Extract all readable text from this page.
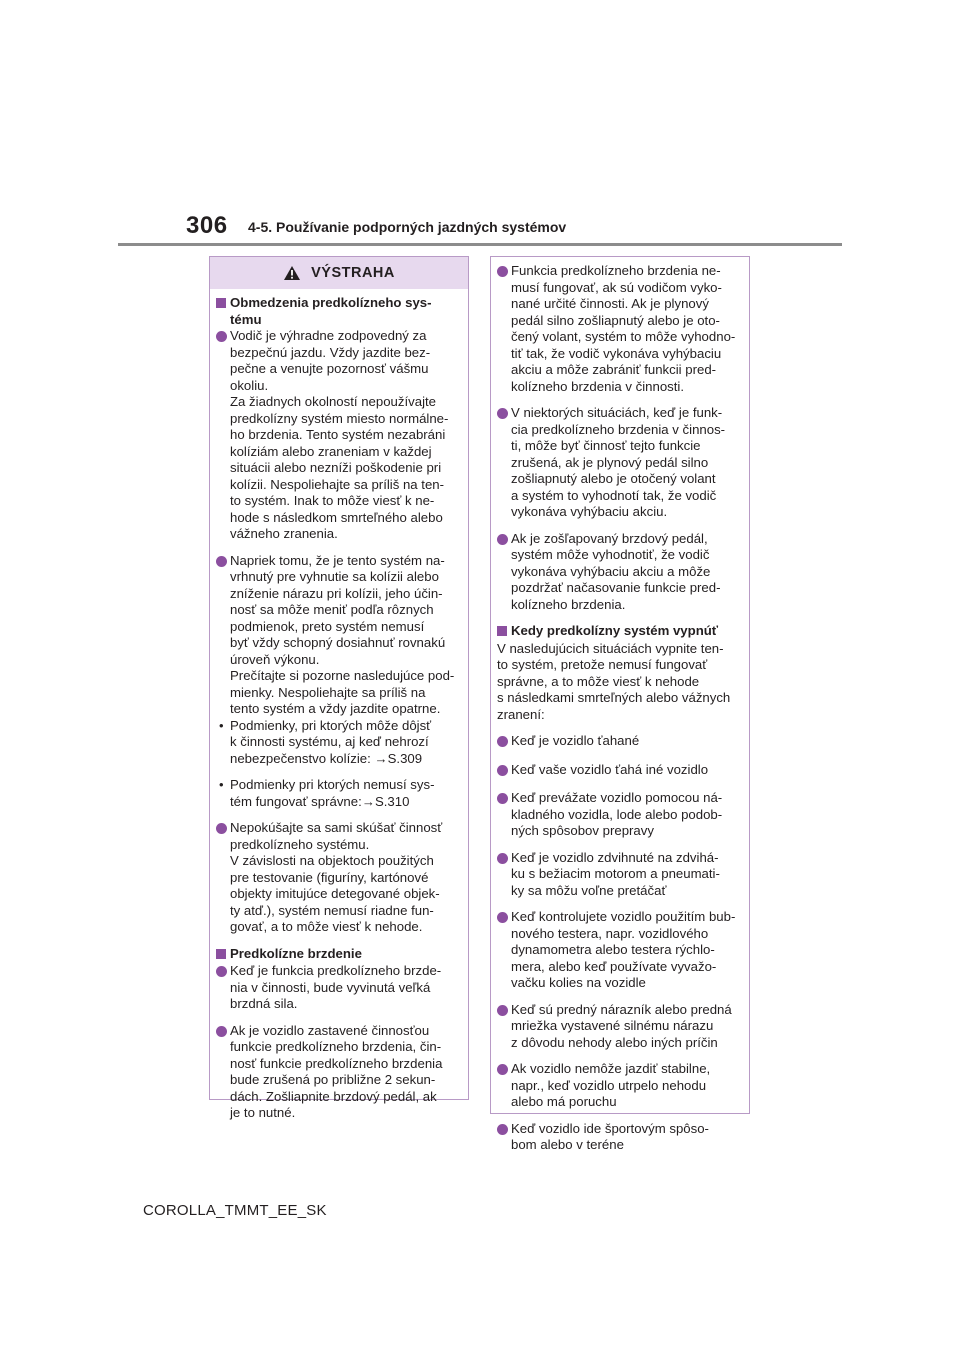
306 4-5. Používanie podporných jazdných systémov
VÝSTRAHA
Obmedzenia predkolízneho sys-
tému
Vodič je výhradne zodpovedný za
bezpečnú jazdu. Vždy jazdite bez-
pečne a venujte pozornosť vášmu
okoliu.
Za žiadnych okolností nepoužívajte
predkolízny systém miesto normálne-
ho brzdenia. Tento systém nezabráni
kolíziám alebo zraneniam v každej
situácii alebo nezníži poškodenie pri
kolízii. Nespoliehajte sa príliš na ten-
to systém. Inak to môže viesť k ne-
hode s následkom smrteľného alebo
vážneho zranenia.
Napriek tomu, že je tento systém na-
vrhnutý pre vyhnutie sa kolízii alebo
zníženie nárazu pri kolízii, jeho účin-
nosť sa môže meniť podľa rôznych
podmienok, preto systém nemusí
byť vždy schopný dosiahnuť rovnakú
úroveň výkonu.
Prečítajte si pozorne nasledujúce pod-
mienky. Nespoliehajte sa príliš na
tento systém a vždy jazdite opatrne.
•
Podmienky, pri ktorých môže dôjsť
k činnosti systému, aj keď nehrozí
nebezpečenstvo kolízie: →S.309
•
Podmienky pri ktorých nemusí sys-
tém fungovať správne:→S.310
Nepokúšajte sa sami skúšať činnosť
predkolízneho systému.
V závislosti na objektoch použitých
pre testovanie (figuríny, kartónové
objekty imitujúce detegované objek-
ty atď.), systém nemusí riadne fun-
govať, a to môže viesť k nehode.
Predkolízne brzdenie
Keď je funkcia predkolízneho brzde-
nia v činnosti, bude vyvinutá veľká
brzdná sila.
Ak je vozidlo zastavené činnosťou
funkcie predkolízneho brzdenia, čin-
nosť funkcie predkolízneho brzdenia
bude zrušená po približne 2 sekun-
dách. Zošliapnite brzdový pedál, ak
je to nutné.
Funkcia predkolízneho brzdenia ne-
musí fungovať, ak sú vodičom vyko-
nané určité činnosti. Ak je plynový
pedál silno zošliapnutý alebo je oto-
čený volant, systém to môže vyhodno-
tiť tak, že vodič vykonáva vyhýbaciu
akciu a môže zabrániť funkcii pred-
kolízneho brzdenia v činnosti.
V niektorých situáciách, keď je funk-
cia predkolízneho brzdenia v činnos-
ti, môže byť činnosť tejto funkcie
zrušená, ak je plynový pedál silno
zošliapnutý alebo je otočený volant
a systém to vyhodnotí tak, že vodič
vykonáva vyhýbaciu akciu.
Ak je zošľapovaný brzdový pedál,
systém môže vyhodnotiť, že vodič
vykonáva vyhýbaciu akciu a môže
pozdržať načasovanie funkcie pred-
kolízneho brzdenia.
Kedy predkolízny systém vypnúť
V nasledujúcich situáciách vypnite ten-
to systém, pretože nemusí fungovať
správne, a to môže viesť k nehode
s následkami smrteľných alebo vážnych
zranení:
Keď je vozidlo ťahané
Keď vaše vozidlo ťahá iné vozidlo
Keď prevážate vozidlo pomocou ná-
kladného vozidla, lode alebo podob-
ných spôsobov prepravy
Keď je vozidlo zdvihnuté na zdvihá-
ku s bežiacim motorom a pneumati-
ky sa môžu voľne pretáčať
Keď kontrolujete vozidlo použitím bub-
nového testera, napr. vozidlového
dynamometra alebo testera rýchlo-
mera, alebo keď používate vyvažo-
vačku kolies na vozidle
Keď sú predný nárazník alebo predná
mriežka vystavené silnému nárazu
z dôvodu nehody alebo iných príčin
Ak vozidlo nemôže jazdiť stabilne,
napr., keď vozidlo utrpelo nehodu
alebo má poruchu
Keď vozidlo ide športovým spôso-
bom alebo v teréne
COROLLA_TMMT_EE_SK
